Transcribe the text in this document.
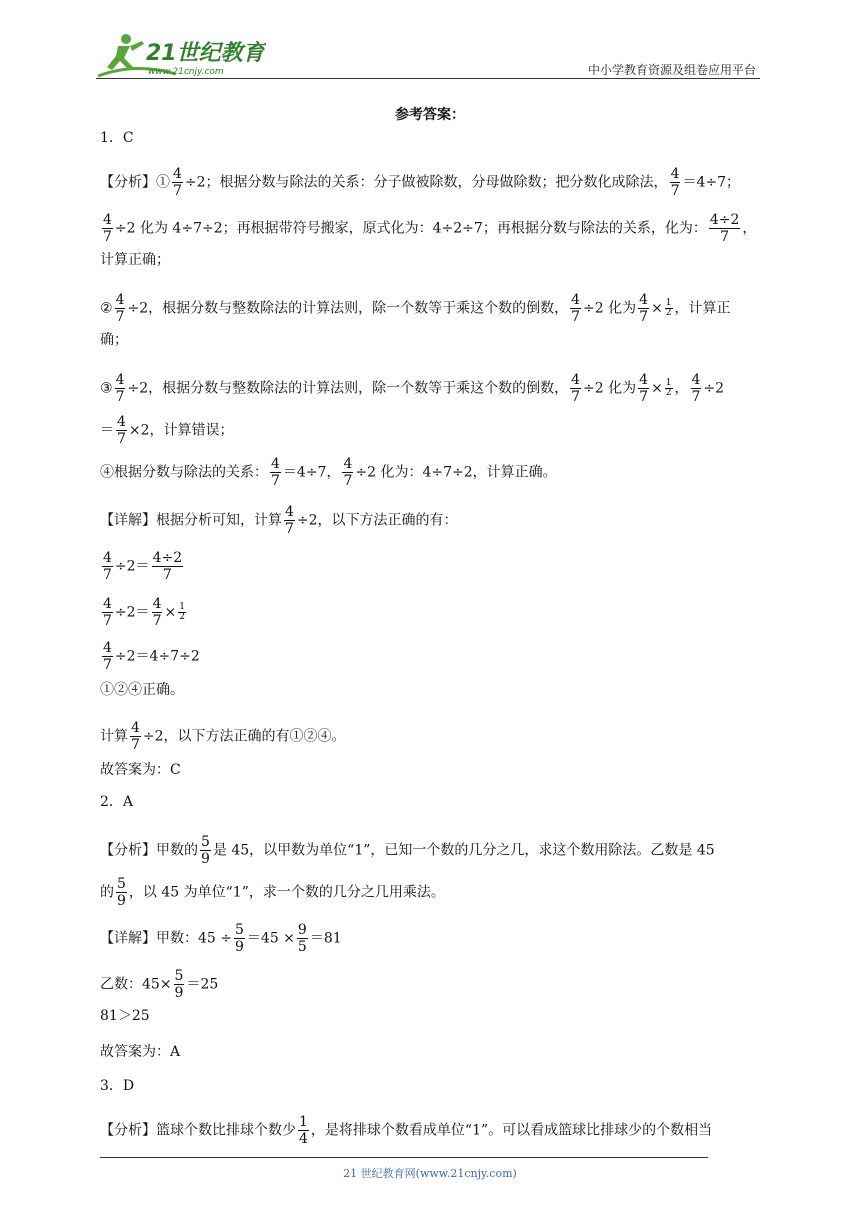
21世纪教育
www.21cnjy.com	中小学教育资源及组卷应用平台
参考答案：
1．C
【分析】① $\frac{4}{7} \div 2$；根据分数与除法的关系：分子做被除数，分母做除数；把分数化成除法， $\frac{4}{7} =4\div 7$；
$\frac{4}{7} \div 2$ 化为 4÷7÷2；再根据带符号搬家，原式化为：4÷2÷7；再根据分数与除法的关系，化为： $\frac{4\div 2}{7}$ ，
计算正确；
② $\frac{4}{7} \div 2$，根据分数与整数除法的计算法则，除一个数等于乘这个数的倒数， $\frac{4}{7} \div 2$ 化为 $\frac{4}{7} \times \frac{1}{2}$ ，计算正
确；
③ $\frac{4}{7} \div 2$，根据分数与整数除法的计算法则，除一个数等于乘这个数的倒数， $\frac{4}{7} \div 2$ 化为 $\frac{4}{7} \times \frac{1}{2}$ ， $\frac{4}{7} \div 2$
＝ $\frac{4}{7} \times 2$，计算错误；
④根据分数与除法的关系： $\frac{4}{7} =4\div 7$， $\frac{4}{7} \div 2$ 化为：4÷7÷2，计算正确。
【详解】根据分析可知，计算 $\frac{4}{7} \div 2$，以下方法正确的有：
$\frac{4}{7} \div 2= \frac{4\div 2}{7}$
$\frac{4}{7} \div 2= \frac{4}{7} \times \frac{1}{2}$
$\frac{4}{7} \div 2=4\div 7\div 2$
①②④正确。
计算 $\frac{4}{7} \div 2$，以下方法正确的有①②④。
故答案为：C
2．A
【分析】甲数的 $\frac{5}{9}$ 是 45，以甲数为单位“1”，已知一个数的几分之几，求这个数用除法。乙数是 45
的 $\frac{5}{9}$ ，以 45 为单位“1”，求一个数的几分之几用乘法。
【详解】甲数：$45 \div \frac{5}{9} =45 \times \frac{9}{5} =81$
乙数：$45\times \frac{5}{9} =25$
81＞25
故答案为：A
3．D
【分析】篮球个数比排球个数少 $\frac{1}{4}$ ，是将排球个数看成单位“1”。可以看成篮球比排球少的个数相当
21 世纪教育网(www.21cnjy.com)
